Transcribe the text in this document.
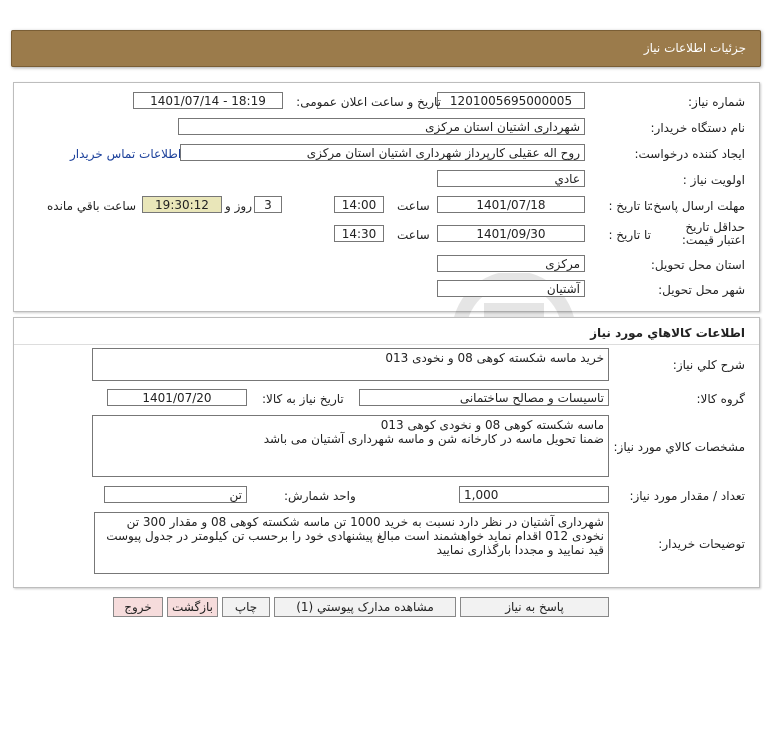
جزئیات اطلاعات نیاز
شماره نیاز:
1201005695000005
تاریخ و ساعت اعلان عمومی:
1401/07/14 - 18:19
نام دستگاه خریدار:
شهرداری اشتیان استان مرکزی
ایجاد کننده درخواست:
روح اله عقیلی کارپرداز شهرداری اشتیان استان مرکزی
اطلاعات تماس خریدار
اولویت نیاز :
عادي
مهلت ارسال پاسخ:
تا تاریخ :
1401/07/18
ساعت
14:00
3
روز و
19:30:12
ساعت باقي مانده
حداقل تاریخ اعتبار قیمت:
تا تاریخ :
1401/09/30
ساعت
14:30
استان محل تحویل:
مرکزی
شهر محل تحویل:
آشتیان
اطلاعات کالاهاي مورد نياز
شرح کلي نياز:
خرید ماسه شکسته کوهی 08 و نخودی 013
گروه کالا:
تاسیسات و مصالح ساختمانی
تاریخ نیاز به کالا:
1401/07/20
مشخصات کالاي مورد نياز:
ماسه شکسته کوهی 08 و نخودی کوهی 013
ضمنا تحویل ماسه در کارخانه شن و ماسه شهرداری آشتیان می باشد
تعداد / مقدار مورد نیاز:
1,000
واحد شمارش:
تن
توضیحات خریدار:
شهرداری آشتیان در نظر دارد نسبت به خرید 1000 تن ماسه شکسته کوهی 08 و مقدار 300 تن نخودی 012 اقدام نماید خواهشمند است مبالغ پیشنهادی خود را برحسب تن کیلومتر در جدول پیوست قید نمایید و مجددا بارگذاری نمایید
پاسخ به نیاز
مشاهده مدارک پیوستي (1)
چاپ
بازگشت
خروج
